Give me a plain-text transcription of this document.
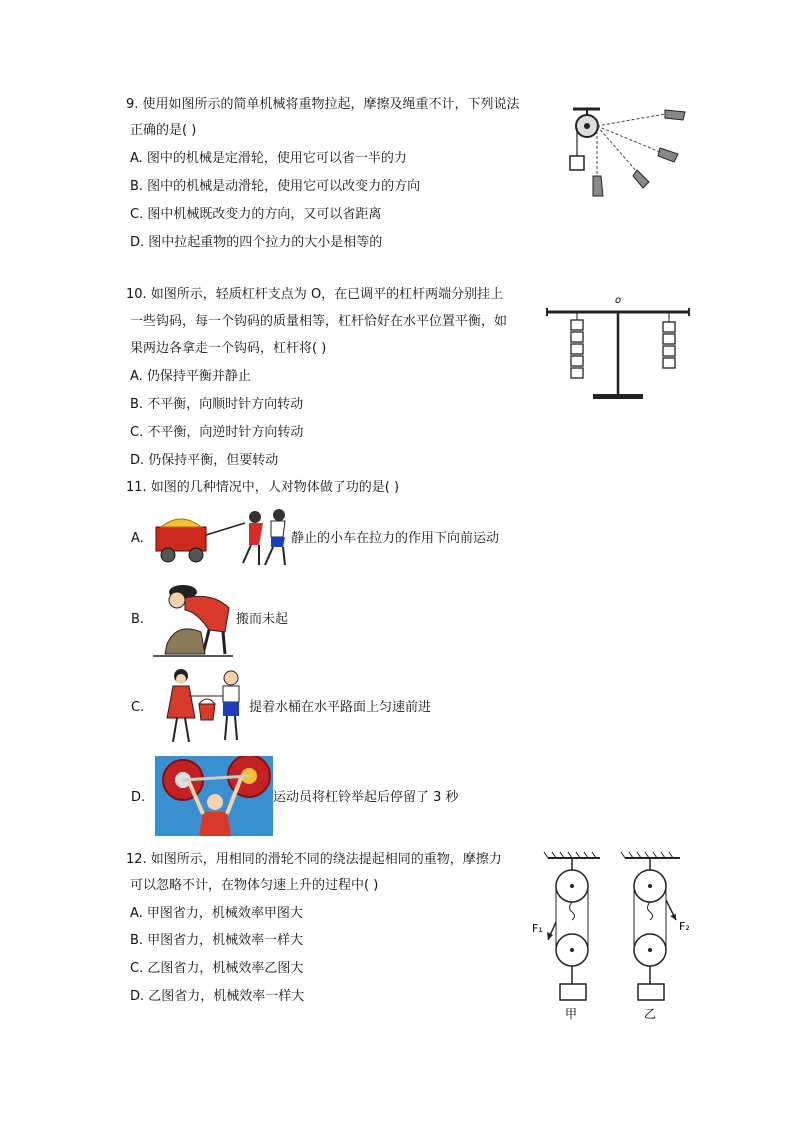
9. 使用如图所示的简单机械将重物拉起，摩擦及绳重不计，下列说法
正确的是( )
A. 图中的机械是定滑轮，使用它可以省一半的力
B. 图中的机械是动滑轮，使用它可以改变力的方向
C. 图中机械既改变力的方向，又可以省距离
D. 图中拉起重物的四个拉力的大小是相等的
10. 如图所示，轻质杠杆支点为 O，在已调平的杠杆两端分别挂上
一些钩码，每一个钩码的质量相等，杠杆恰好在水平位置平衡，如
果两边各拿走一个钩码，杠杆将( )
A. 仍保持平衡并静止
B. 不平衡，向顺时针方向转动
C. 不平衡，向逆时针方向转动
D. 仍保持平衡，但要转动
o
11. 如图的几种情况中，人对物体做了功的是( )
A.	静止的小车在拉力的作用下向前运动
B.	搬而未起
C.	提着水桶在水平路面上匀速前进
D.	运动员将杠铃举起后停留了 3 秒
12. 如图所示，用相同的滑轮不同的绕法提起相同的重物，摩擦力
可以忽略不计，在物体匀速上升的过程中( )
A. 甲图省力，机械效率甲图大
B. 甲图省力，机械效率一样大
C. 乙图省力，机械效率乙图大
D. 乙图省力，机械效率一样大
F₁
甲
F₂
乙
